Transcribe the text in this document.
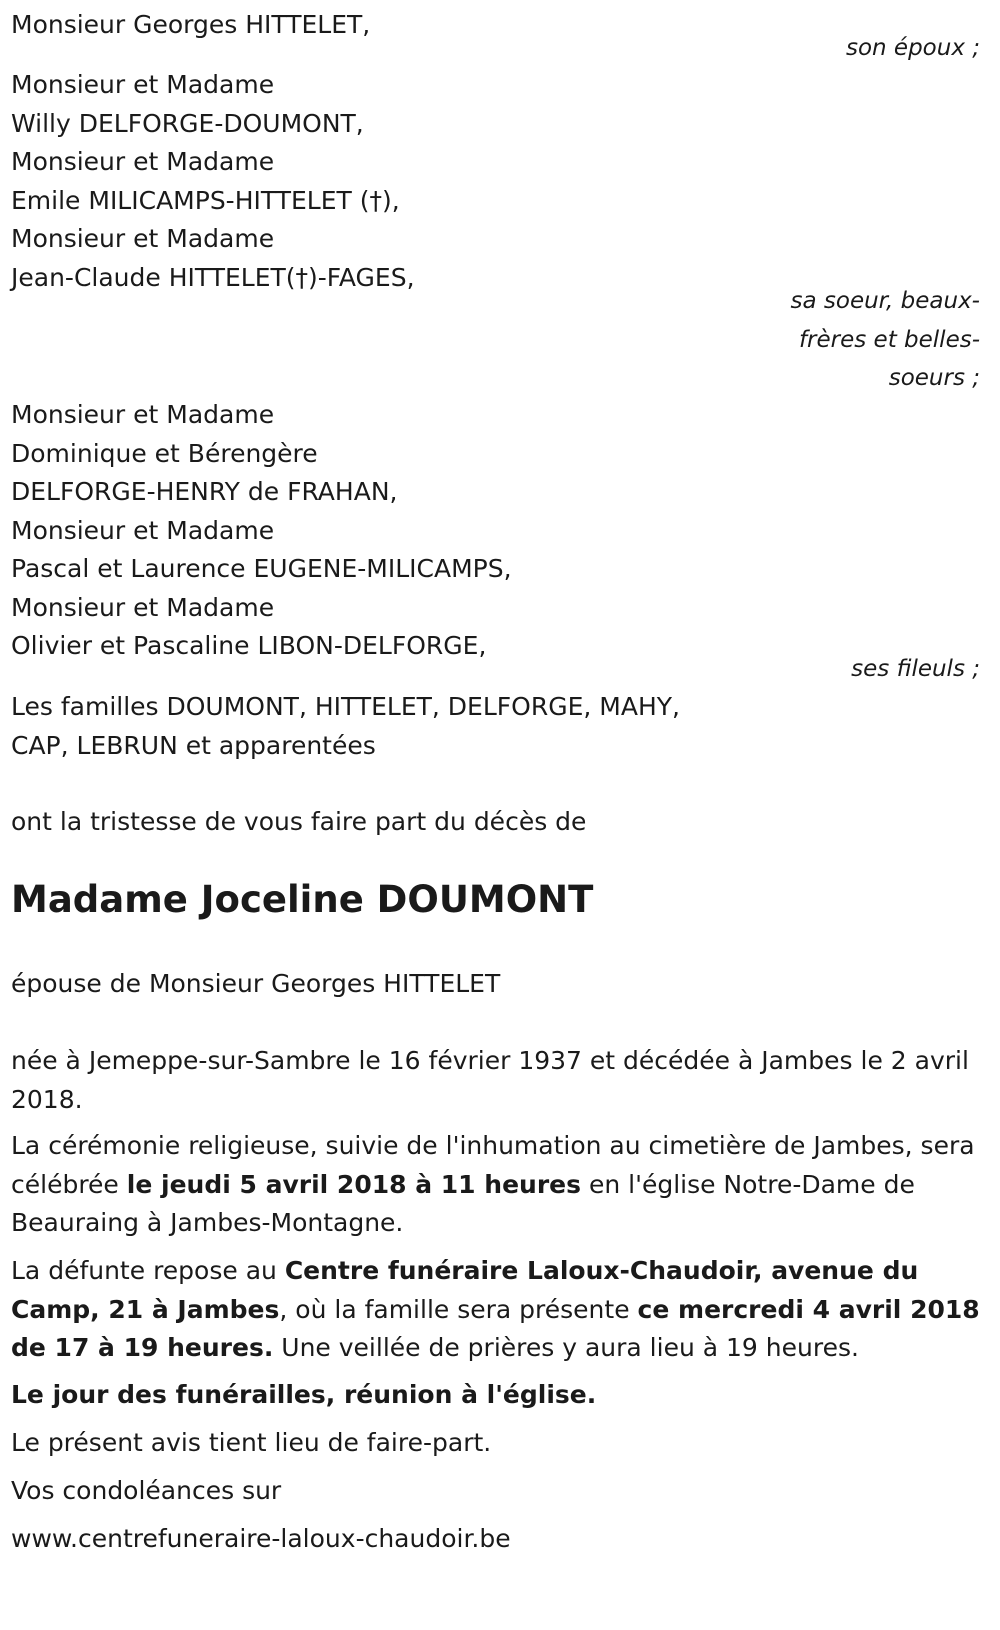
Monsieur Georges HITTELET,
son époux ;
Monsieur et Madame
Willy DELFORGE-DOUMONT,
Monsieur et Madame
Emile MILICAMPS-HITTELET (†),
Monsieur et Madame
Jean-Claude HITTELET(†)-FAGES,
sa soeur, beaux-
frères et belles-
soeurs ;
Monsieur et Madame
Dominique et Bérengère
DELFORGE-HENRY de FRAHAN,
Monsieur et Madame
Pascal et Laurence EUGENE-MILICAMPS,
Monsieur et Madame
Olivier et Pascaline LIBON-DELFORGE,
ses fileuls ;
Les familles DOUMONT, HITTELET, DELFORGE, MAHY,
CAP, LEBRUN et apparentées
ont la tristesse de vous faire part du décès de
Madame Joceline DOUMONT
épouse de Monsieur Georges HITTELET
née à Jemeppe-sur-Sambre le 16 février 1937 et décédée à Jambes le 2 avril 2018.
La cérémonie religieuse, suivie de l'inhumation au cimetière de Jambes, sera célébrée le jeudi 5 avril 2018 à 11 heures en l'église Notre-Dame de Beauraing à Jambes-Montagne.
La défunte repose au Centre funéraire Laloux-Chaudoir, avenue du Camp, 21 à Jambes, où la famille sera présente ce mercredi 4 avril 2018 de 17 à 19 heures. Une veillée de prières y aura lieu à 19 heures.
Le jour des funérailles, réunion à l'église.
Le présent avis tient lieu de faire-part.
Vos condoléances sur
www.centrefuneraire-laloux-chaudoir.be
